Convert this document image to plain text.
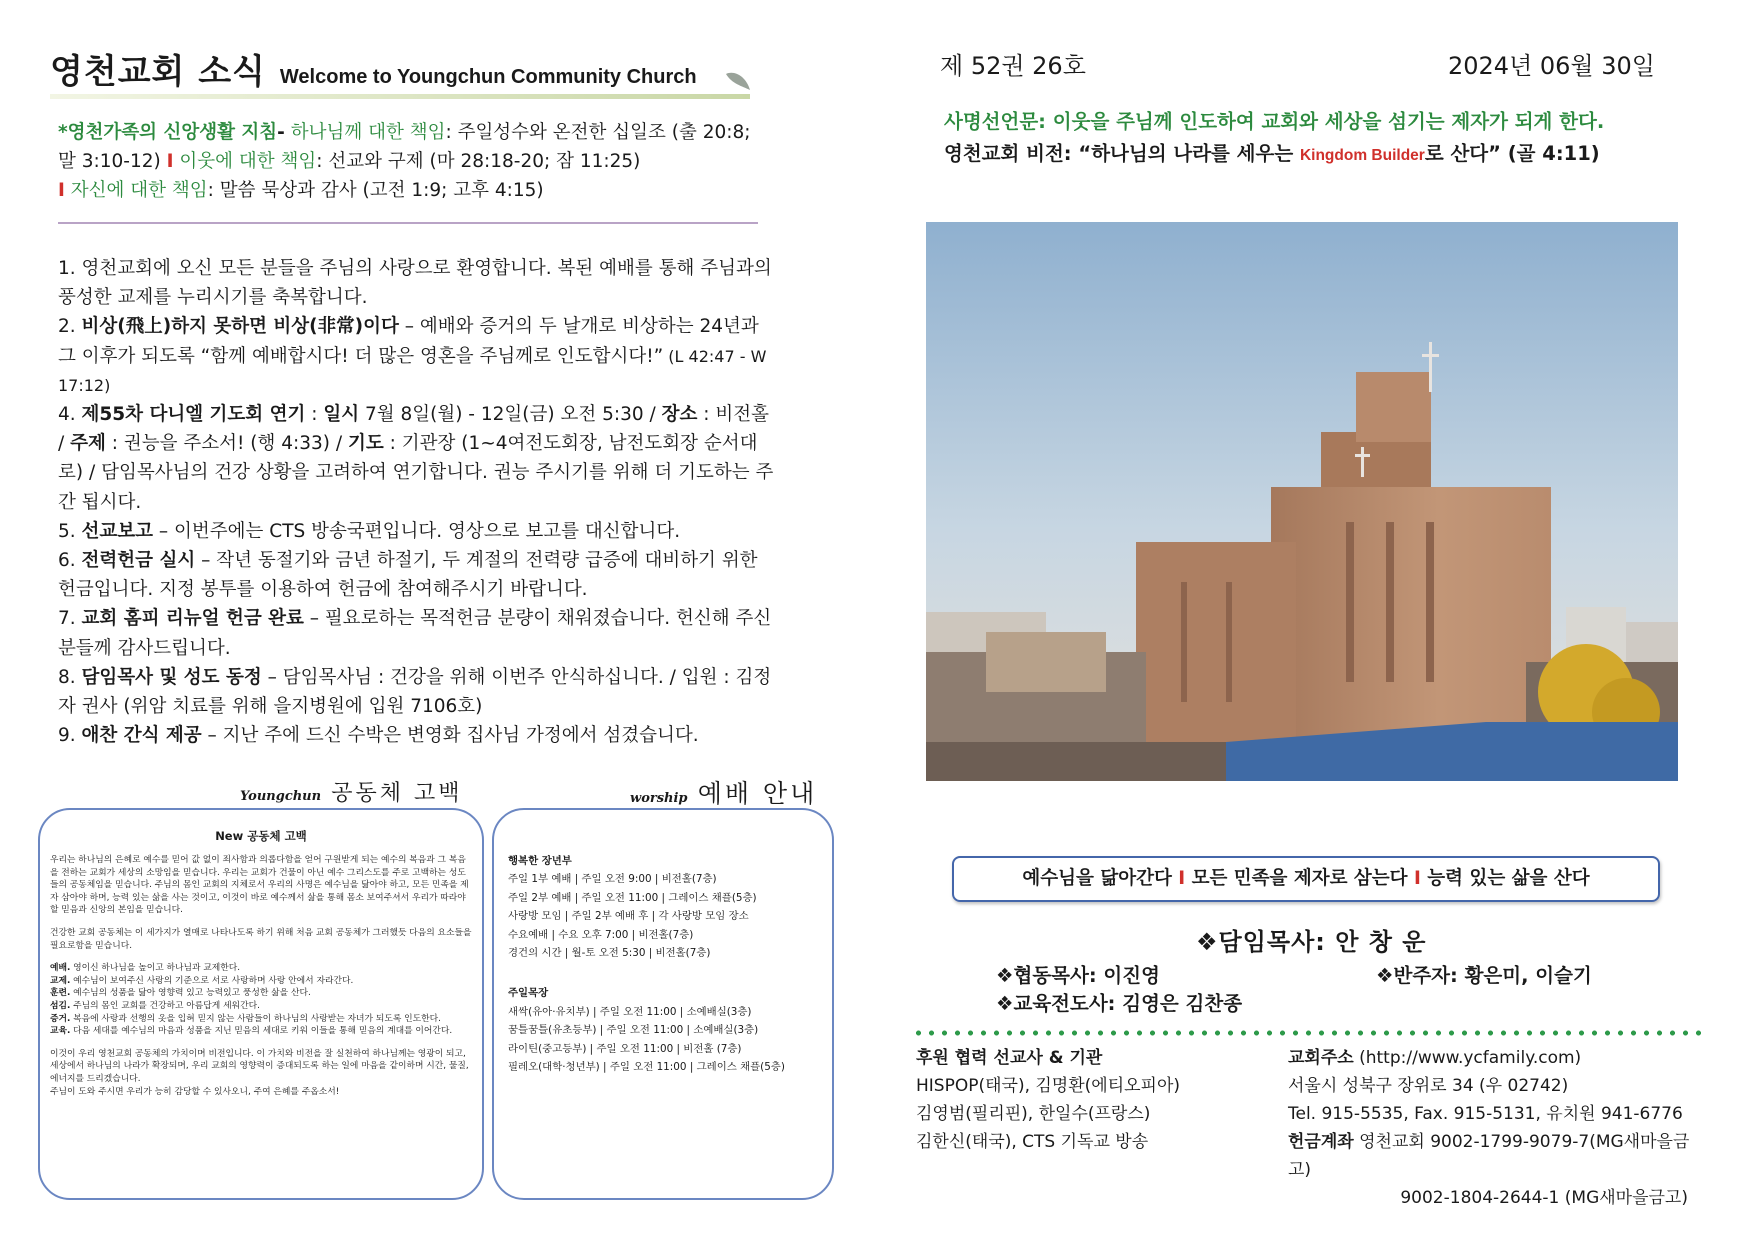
영천교회 소식 Welcome to Youngchun Community Church
*영천가족의 신앙생활 지침- 하나님께 대한 책임: 주일성수와 온전한 십일조 (출 20:8; 말 3:10-12) I 이웃에 대한 책임: 선교와 구제 (마 28:18-20; 잠 11:25)
I 자신에 대한 책임: 말씀 묵상과 감사 (고전 1:9; 고후 4:15)

1. 영천교회에 오신 모든 분들을 주님의 사랑으로 환영합니다. 복된 예배를 통해 주님과의 풍성한 교제를 누리시기를 축복합니다.

2. 비상(飛上)하지 못하면 비상(非常)이다 – 예배와 증거의 두 날개로 비상하는 24년과 그 이후가 되도록 “함께 예배합시다! 더 많은 영혼을 주님께로 인도합시다!” (L 42:47 - W 17:12)

4. 제55차 다니엘 기도회 연기 : 일시 7월 8일(월) - 12일(금) 오전 5:30 / 장소 : 비전홀 / 주제 : 권능을 주소서! (행 4:33) / 기도 : 기관장 (1~4여전도회장, 남전도회장 순서대로) / 담임목사님의 건강 상황을 고려하여 연기합니다. 권능 주시기를 위해 더 기도하는 주간 됩시다.

5. 선교보고 – 이번주에는 CTS 방송국편입니다. 영상으로 보고를 대신합니다.

6. 전력헌금 실시 – 작년 동절기와 금년 하절기, 두 계절의 전력량 급증에 대비하기 위한 헌금입니다. 지정 봉투를 이용하여 헌금에 참여해주시기 바랍니다.

7. 교회 홈피 리뉴얼 헌금 완료 – 필요로하는 목적헌금 분량이 채워졌습니다. 헌신해 주신 분들께 감사드립니다.

8. 담임목사 및 성도 동정 – 담임목사님 : 건강을 위해 이번주 안식하십니다. / 입원 : 김정자 권사 (위암 치료를 위해 을지병원에 입원 7106호)

9. 애찬 간식 제공 – 지난 주에 드신 수박은 변영화 집사님 가정에서 섬겼습니다.

Youngchun 공동체 고백	worship 예배 안내
New 공동체 고백

우리는 하나님의 은혜로 예수를 믿어 값 없이 죄사함과 의롭다함을 얻어 구원받게 되는 예수의 복음과 그 복음을 전하는 교회가 세상의 소망임을 믿습니다. 우리는 교회가 건물이 아닌 예수 그리스도를 주로 고백하는 성도들의 공동체임을 믿습니다. 주님의 몸인 교회의 지체로서 우리의 사명은 예수님을 닮아야 하고, 모든 민족을 제자 삼아야 하며, 능력 있는 삶을 사는 것이고, 이것이 바로 예수께서 삶을 통해 몸소 보여주셔서 우리가 따라야 할 믿음과 신앙의 본임을 믿습니다.

건강한 교회 공동체는 이 세가지가 열매로 나타나도록 하기 위해 처음 교회 공동체가 그러했듯 다음의 요소들을 필요로함을 믿습니다.

예배. 영이신 하나님을 높이고 하나님과 교제한다.
교제. 예수님이 보여주신 사랑의 기준으로 서로 사랑하며 사랑 안에서 자라간다.
훈련. 예수님의 성품을 닮아 영향력 있고 능력있고 풍성한 삶을 산다.
섬김. 주님의 몸인 교회를 건강하고 아름답게 세워간다.
증거. 복음에 사랑과 선행의 옷을 입혀 믿지 않는 사람들이 하나님의 사랑받는 자녀가 되도록 인도한다.
교육. 다음 세대를 예수님의 마음과 성품을 지닌 믿음의 세대로 키워 이들을 통해 믿음의 계대를 이어간다.

이것이 우리 영천교회 공동체의 가치이며 비전입니다. 이 가치와 비전을 잘 실천하여 하나님께는 영광이 되고, 세상에서 하나님의 나라가 확장되며, 우리 교회의 영향력이 증대되도록 하는 일에 마음을 같이하며 시간, 물질, 에너지를 드리겠습니다.

주님이 도와 주시면 우리가 능히 감당할 수 있사오니, 주여 은혜를 주옵소서!

행복한 장년부
주일 1부 예배 | 주일 오전 9:00 | 비전홀(7층)
주일 2부 예배 | 주일 오전 11:00 | 그레이스 채플(5층)
사랑방 모임 | 주일 2부 예배 후 | 각 사랑방 모임 장소
수요예배 | 수요 오후 7:00 | 비전홀(7층)
경건의 시간 | 월-토 오전 5:30 | 비전홀(7층)
주일목장
새싹(유아·유치부) | 주일 오전 11:00 | 소예배실(3층)
꿈틀꿈틀(유초등부) | 주일 오전 11:00 | 소예배실(3층)
라이틴(중고등부) | 주일 오전 11:00 | 비전홀 (7층)
필레오(대학·청년부) | 주일 오전 11:00 | 그레이스 채플(5층)
제 52권 26호	2024년 06월 30일
사명선언문: 이웃을 주님께 인도하여 교회와 세상을 섬기는 제자가 되게 한다.
영천교회 비전: “하나님의 나라를 세우는 Kingdom Builder로 산다” (골 4:11)
예수님을 닮아간다 I 모든 민족을 제자로 삼는다 I 능력 있는 삶을 산다
❖담임목사: 안 창 운
❖협동목사: 이진영	❖반주자: 황은미, 이슬기
❖교육전도사: 김영은 김찬종
후원 협력 선교사 & 기관
HISPOP(태국), 김명환(에티오피아)
김영범(필리핀), 한일수(프랑스)
김한신(태국), CTS 기독교 방송
교회주소 (http://www.ycfamily.com)
서울시 성북구 장위로 34 (우 02742)
Tel. 915-5535, Fax. 915-5131, 유치원 941-6776
헌금계좌 영천교회 9002-1799-9079-7(MG새마을금고)
9002-1804-2644-1 (MG새마을금고)
